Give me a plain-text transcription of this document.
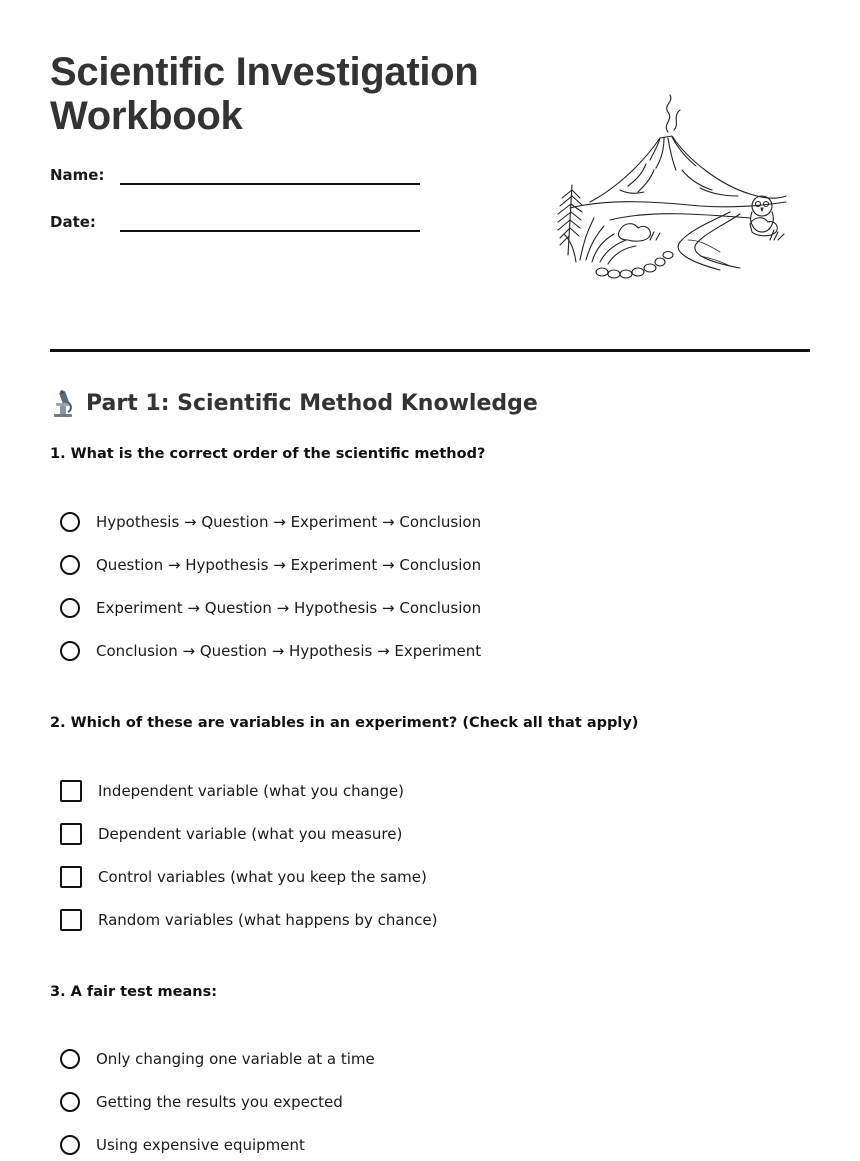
Scientific Investigation Workbook
Name:
Date:
Part 1: Scientific Method Knowledge

1. What is the correct order of the scientific method?

Hypothesis → Question → Experiment → Conclusion
Question → Hypothesis → Experiment → Conclusion
Experiment → Question → Hypothesis → Conclusion
Conclusion → Question → Hypothesis → Experiment

2. Which of these are variables in an experiment? (Check all that apply)

Independent variable (what you change)
Dependent variable (what you measure)
Control variables (what you keep the same)
Random variables (what happens by chance)

3. A fair test means:

Only changing one variable at a time
Getting the results you expected
Using expensive equipment
